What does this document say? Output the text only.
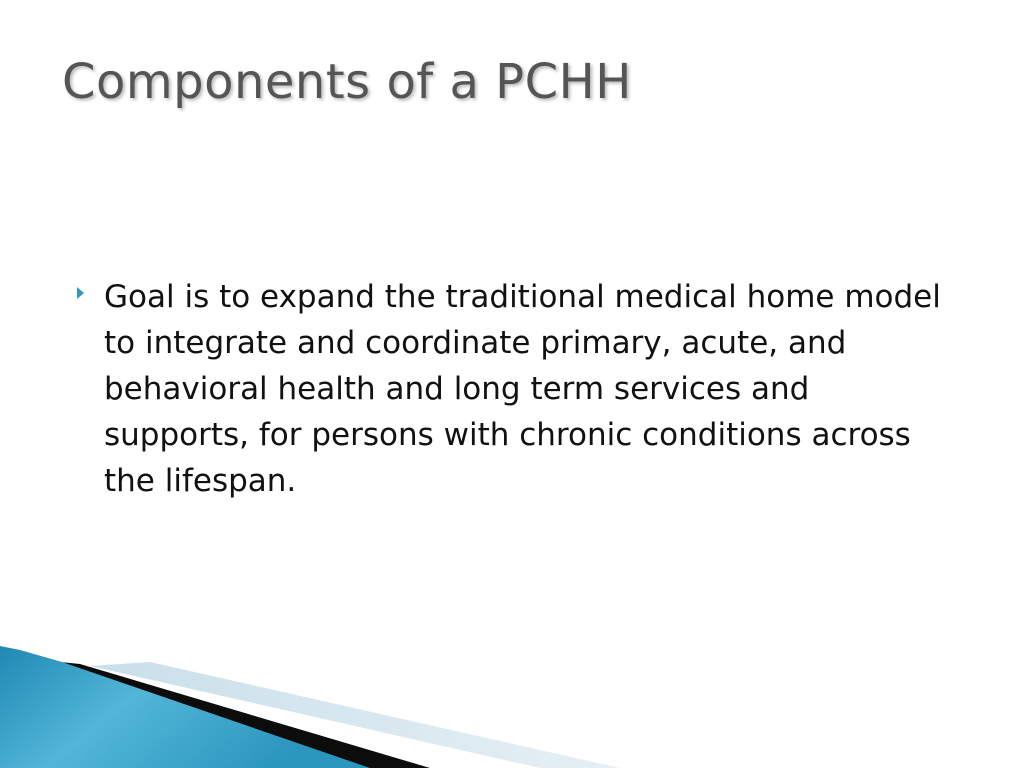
Components of a PCHH
Goal is to expand the traditional medical home model to integrate and coordinate primary, acute, and behavioral health and long term services and supports, for persons with chronic conditions across the lifespan.
